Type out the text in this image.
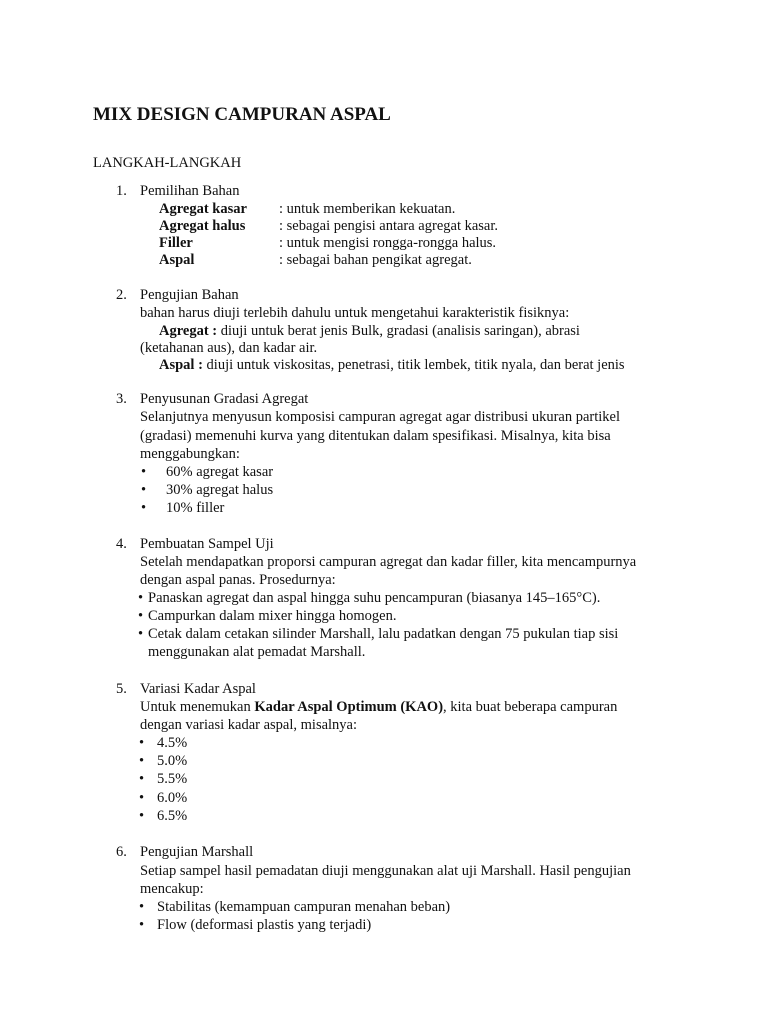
MIX DESIGN CAMPURAN ASPAL
LANGKAH-LANGKAH
1. Pemilihan Bahan
Agregat kasar : untuk memberikan kekuatan.
Agregat halus : sebagai pengisi antara agregat kasar.
Filler	: untuk mengisi rongga-rongga halus.
Aspal	: sebagai bahan pengikat agregat.
2. Pengujian Bahan
bahan harus diuji terlebih dahulu untuk mengetahui karakteristik fisiknya:
Agregat : diuji untuk berat jenis Bulk, gradasi (analisis saringan), abrasi
(ketahanan aus), dan kadar air.
Aspal : diuji untuk viskositas, penetrasi, titik lembek, titik nyala, dan berat jenis
3. Penyusunan Gradasi Agregat
Selanjutnya menyusun komposisi campuran agregat agar distribusi ukuran partikel
(gradasi) memenuhi kurva yang ditentukan dalam spesifikasi. Misalnya, kita bisa
menggabungkan:
•
60% agregat kasar
•
30% agregat halus
•
10% filler
4. Pembuatan Sampel Uji
Setelah mendapatkan proporsi campuran agregat dan kadar filler, kita mencampurnya
dengan aspal panas. Prosedurnya:
•
Panaskan agregat dan aspal hingga suhu pencampuran (biasanya 145–165°C).
•
Campurkan dalam mixer hingga homogen.
•
Cetak dalam cetakan silinder Marshall, lalu padatkan dengan 75 pukulan tiap sisi
menggunakan alat pemadat Marshall.
5. Variasi Kadar Aspal
Untuk menemukan Kadar Aspal Optimum (KAO), kita buat beberapa campuran
dengan variasi kadar aspal, misalnya:
•
4.5%
•
5.0%
•
5.5%
•
6.0%
•
6.5%
6. Pengujian Marshall
Setiap sampel hasil pemadatan diuji menggunakan alat uji Marshall. Hasil pengujian
mencakup:
•
Stabilitas (kemampuan campuran menahan beban)
•
Flow (deformasi plastis yang terjadi)
